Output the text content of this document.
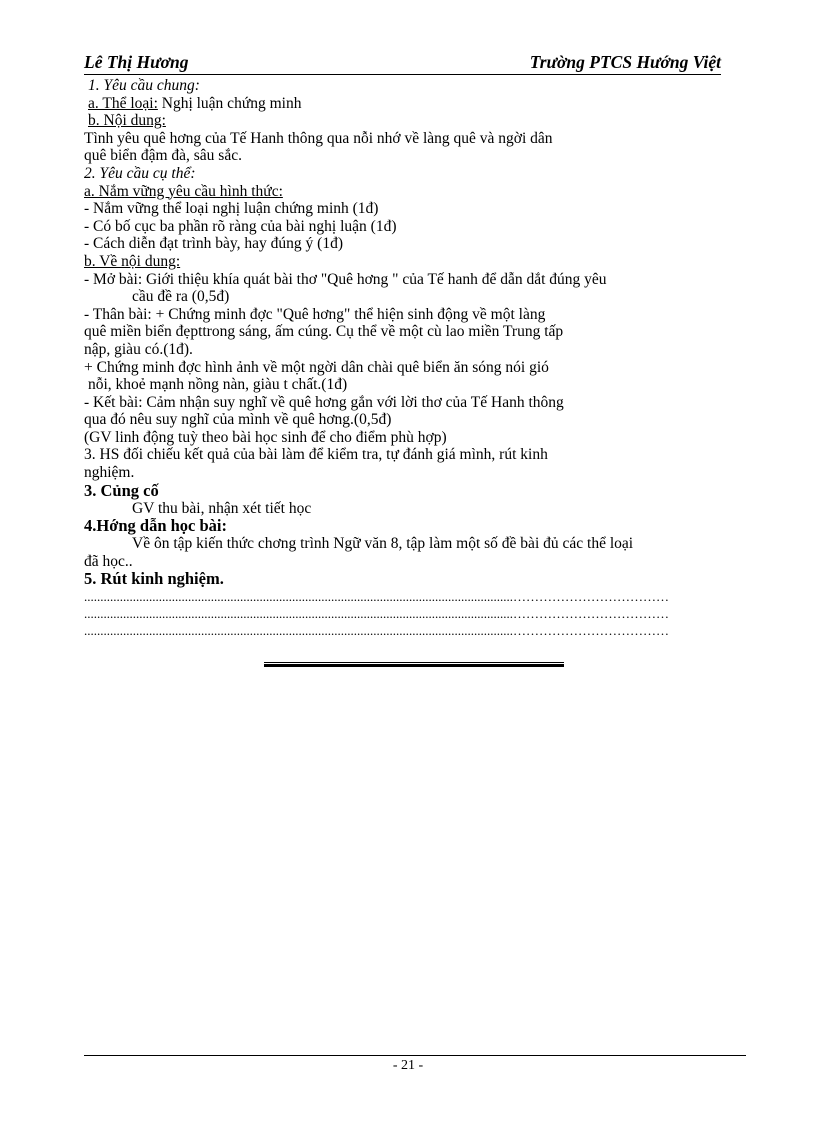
Lê Thị Hương	Trường PTCS Hướng Việt
1. Yêu cầu chung:
a. Thể loại: Nghị luận chứng minh
b. Nội dung:
Tình yêu quê hơng của Tế Hanh thông qua nỗi nhớ về làng quê và ngời dân
quê biển đậm đà, sâu sắc.
2. Yêu cầu cụ thể:
a. Nắm vững yêu cầu hình thức:
- Nắm vững thể loại nghị luận chứng minh (1đ)
- Có bố cục ba phần rõ ràng của bài nghị luận (1đ)
- Cách diễn đạt trình bày, hay đúng ý (1đ)
b. Về nội dung:
- Mở bài: Giới thiệu khía quát bài thơ "Quê hơng " của Tế hanh để dẫn dắt đúng yêu
cầu đề ra (0,5đ)
- Thân bài: + Chứng minh đợc "Quê hơng" thể hiện sinh động về một làng
quê miền biển đẹpttrong sáng, ấm cúng. Cụ thể về một cù lao miền Trung tấp
nập, giàu có.(1đ).
+ Chứng minh đợc hình ảnh về một ngời dân chài quê biển ăn sóng nói gió
nỗi, khoẻ mạnh nồng nàn, giàu t chất.(1đ)
- Kết bài: Cảm nhận suy nghĩ về quê hơng gắn với lời thơ của Tế Hanh thông
qua đó nêu suy nghĩ của mình về quê hơng.(0,5đ)
(GV linh động tuỳ theo bài học sinh để cho điểm phù hợp)
3. HS đối chiếu kết quả của bài làm để kiểm tra, tự đánh giá mình, rút kinh
nghiệm.
3. Củng cố
GV thu bài, nhận xét tiết học
4.Hớng dẫn học bài:
Về ôn tập kiến thức chơng trình Ngữ văn 8, tập làm một số đề bài đủ các thể loại
đã học..
5. Rút kinh nghiệm.
....................................................................................................................................………………………………
....................................................................................................................................………………………………
....................................................................................................................................………………………………
- 21 -
